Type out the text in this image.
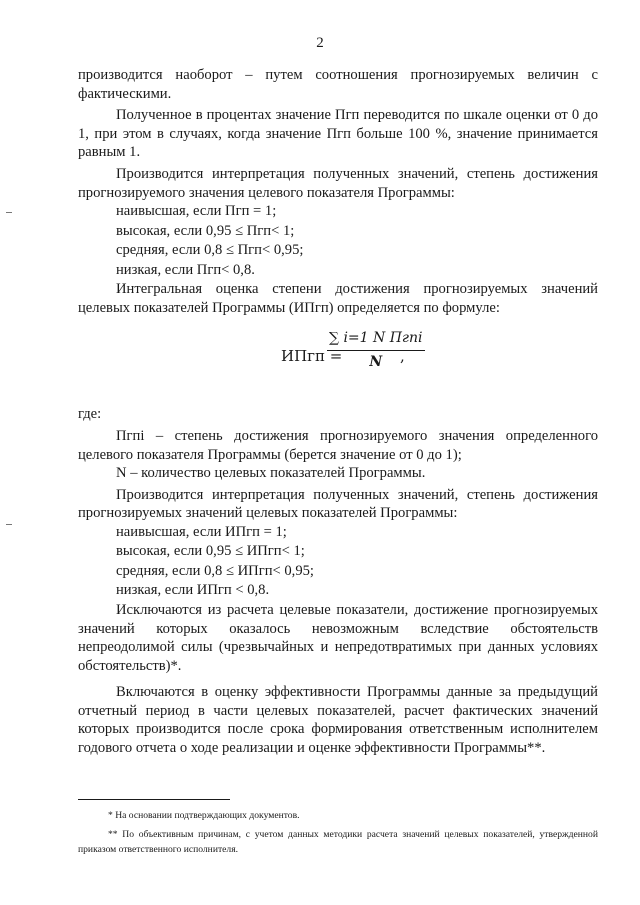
2

производится наоборот – путем соотношения прогнозируемых величин с фактическими.

Полученное в процентах значение Пгп переводится по шкале оценки от 0 до 1, при этом в случаях, когда значение Пгп больше 100 %, значение принимается равным 1.

Производится интерпретация полученных значений, степень достижения прогнозируемого значения целевого показателя Программы:

наивысшая, если Пгп = 1;

высокая, если 0,95 ≤ Пгп< 1;

средняя, если 0,8 ≤ Пгп< 0,95;

низкая, если Пгп< 0,8.

Интегральная оценка степени достижения прогнозируемых значений целевых показателей Программы (ИПгп) определяется по формуле:

ИПгп =
∑ i=1 N Пгпi
N	,

где:

Пгпi – степень достижения прогнозируемого значения определенного целевого показателя Программы (берется значение от 0 до 1);

N – количество целевых показателей Программы.

Производится интерпретация полученных значений, степень достижения прогнозируемых значений целевых показателей Программы:

наивысшая, если ИПгп = 1;

высокая, если 0,95 ≤ ИПгп< 1;

средняя, если 0,8 ≤ ИПгп< 0,95;

низкая, если ИПгп < 0,8.

Исключаются из расчета целевые показатели, достижение прогнозируемых значений которых оказалось невозможным вследствие обстоятельств непреодолимой силы (чрезвычайных и непредотвратимых при данных условиях обстоятельств)*.

Включаются в оценку эффективности Программы данные за предыдущий отчетный период в части целевых показателей, расчет фактических значений которых производится после срока формирования ответственным исполнителем годового отчета о ходе реализации и оценке эффективности Программы**.

* На основании подтверждающих документов.

** По объективным причинам, с учетом данных методики расчета значений целевых показателей, утвержденной приказом ответственного исполнителя.
